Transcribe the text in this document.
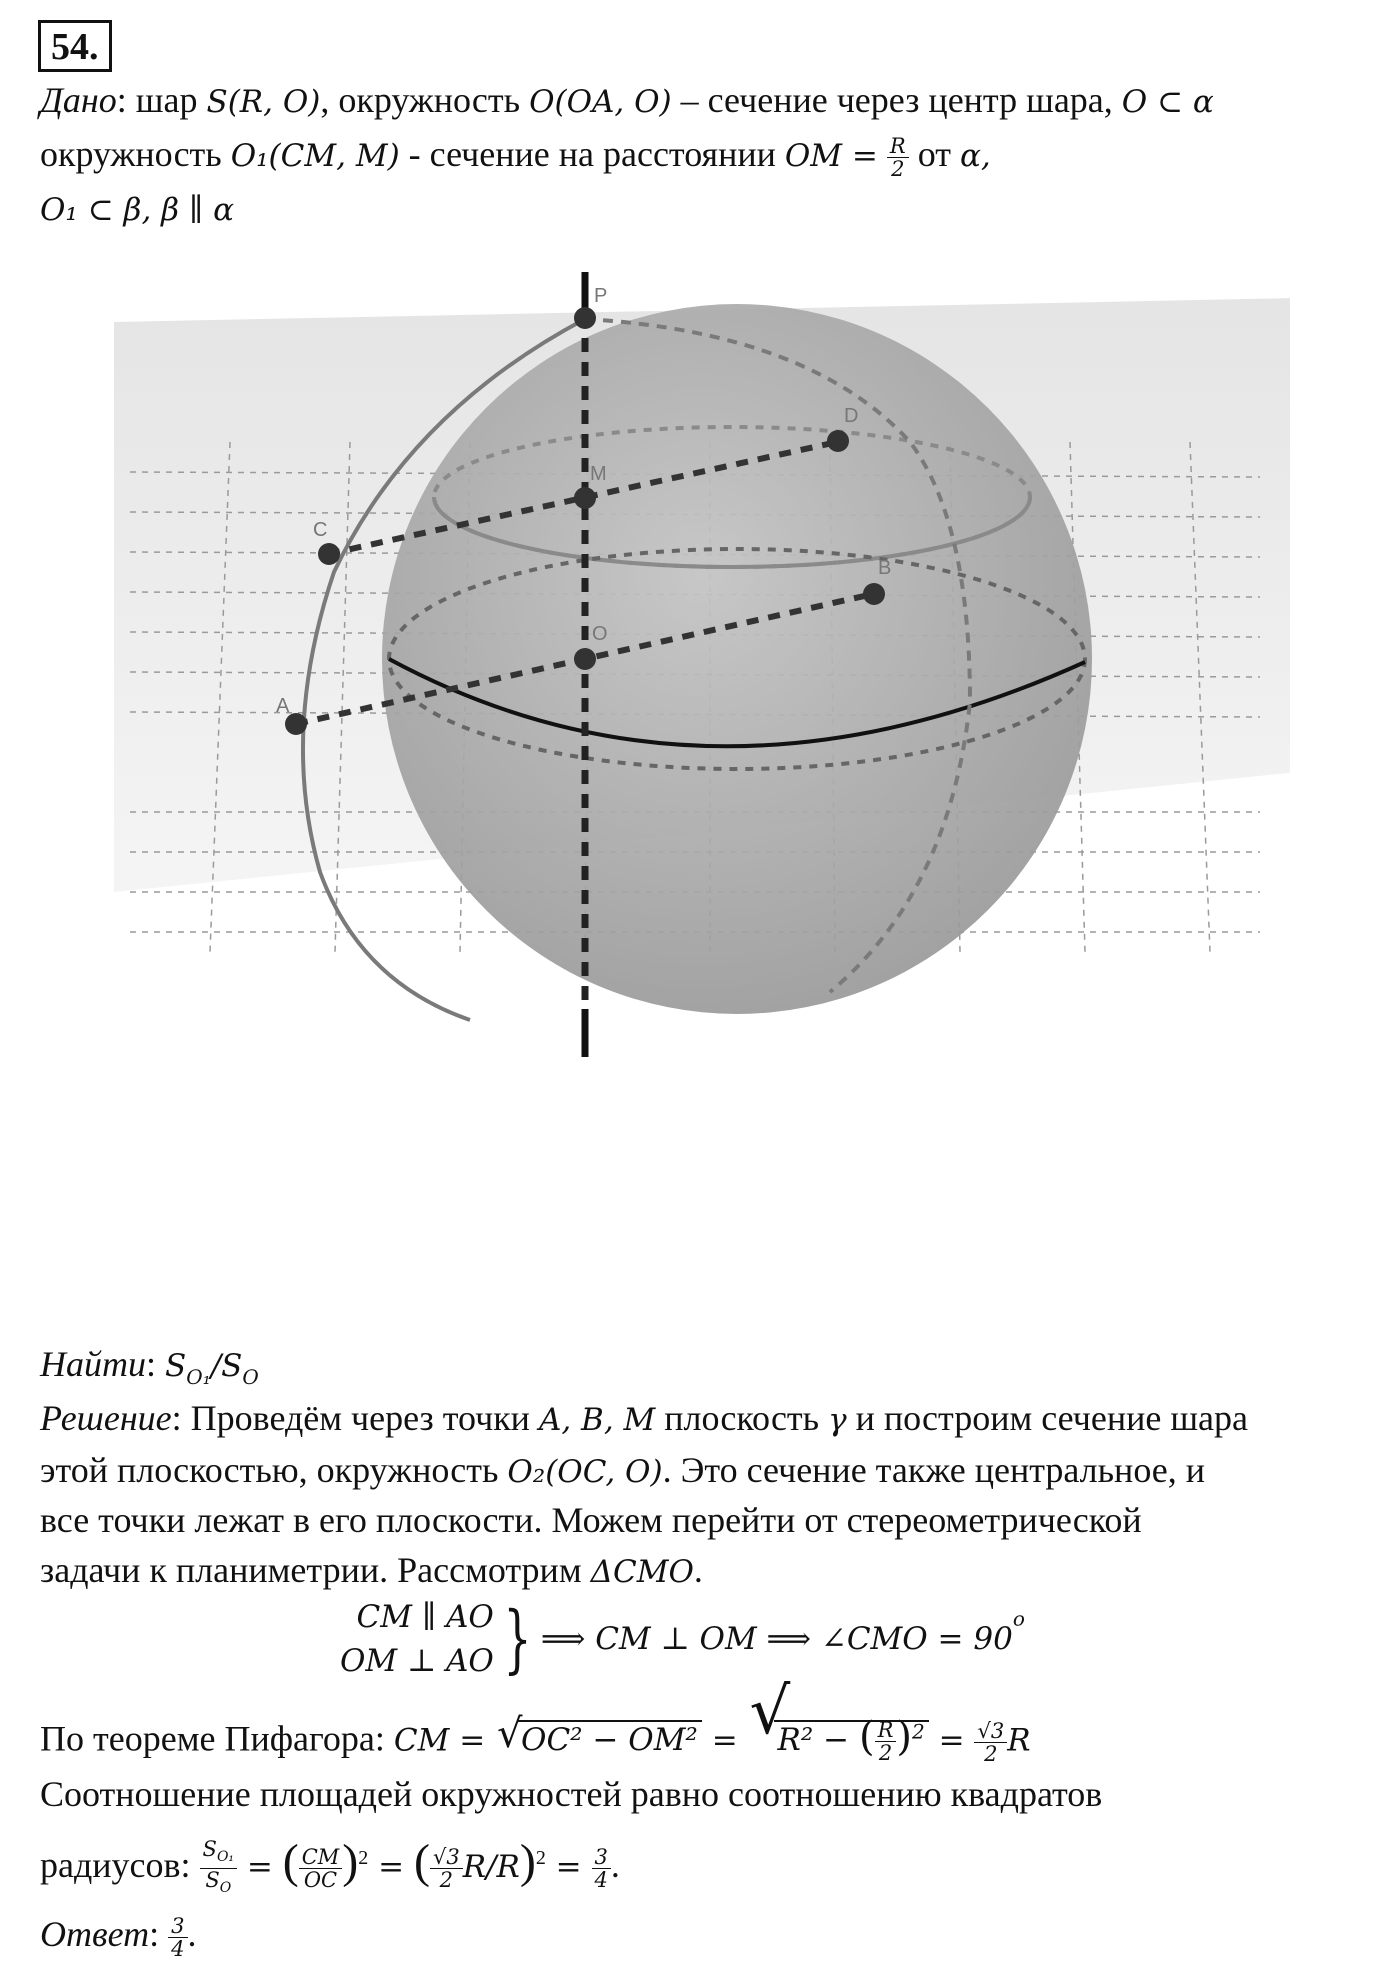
54.
Дано: шар S(R, O), окружность O(OA, O) – сечение через центр шара, O ⊂ α
окружность O₁(CM, M) - сечение на расстоянии OM = $\frac{R}{2}$ от α,
O₁ ⊂ β, β ∥ α
P
D
M
C
B
O
A
Найти: $S_{O_1}/S_O$
Решение: Проведём через точки A, B, M плоскость γ и построим сечение шара
этой плоскостью, окружность O₂(OC, O). Это сечение также центральное, и
все точки лежат в его плоскости. Можем перейти от стереометрической
задачи к планиметрии. Рассмотрим ΔCMO.
CM ∥ AO
OM ⊥ AO } ⟹ CM ⊥ OM ⟹ ∠CMO = $90^o$
По теореме Пифагора: CM = √
OC² − OM² = √
R² − ( $\frac{R}{2} )^2 = \frac{√3}{2}$ R
Соотношение площадей окружностей равно соотношению квадратов
радиусов: $\frac{S_{O_1}}{S_O}$ = ( $\frac{CM}{OC} )^2$ = ( $\frac{√3}{2} R/R)^2 = \frac{3}{4}$ .
Ответ: $\frac{3}{4}$ .
